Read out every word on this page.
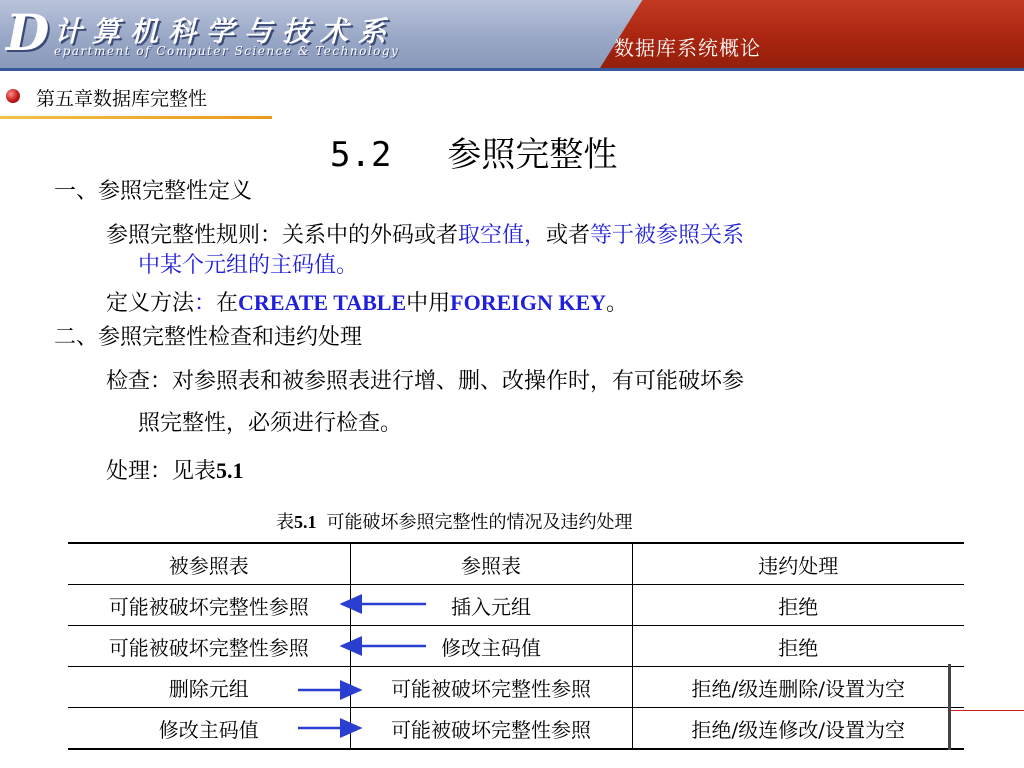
D 计算机科学与技术系
epartment of Computer Science & Technology	数据库系统概论
第五章数据库完整性
5.2 参照完整性
一、参照完整性定义
参照完整性规则：关系中的外码或者取空值，或者等于被参照关系
中某个元组的主码值。
定义方法：在CREATE TABLE中用FOREIGN KEY。
二、参照完整性检查和违约处理
检查：对参照表和被参照表进行增、删、改操作时，有可能破坏参
照完整性，必须进行检查。
处理：见表5.1
表5.1 可能破坏参照完整性的情况及违约处理
被参照表	参照表	违约处理
可能被破坏完整性参照	插入元组	拒绝
可能被破坏完整性参照	修改主码值	拒绝
删除元组	可能被破坏完整性参照	拒绝/级连删除/设置为空
修改主码值	可能被破坏完整性参照	拒绝/级连修改/设置为空
